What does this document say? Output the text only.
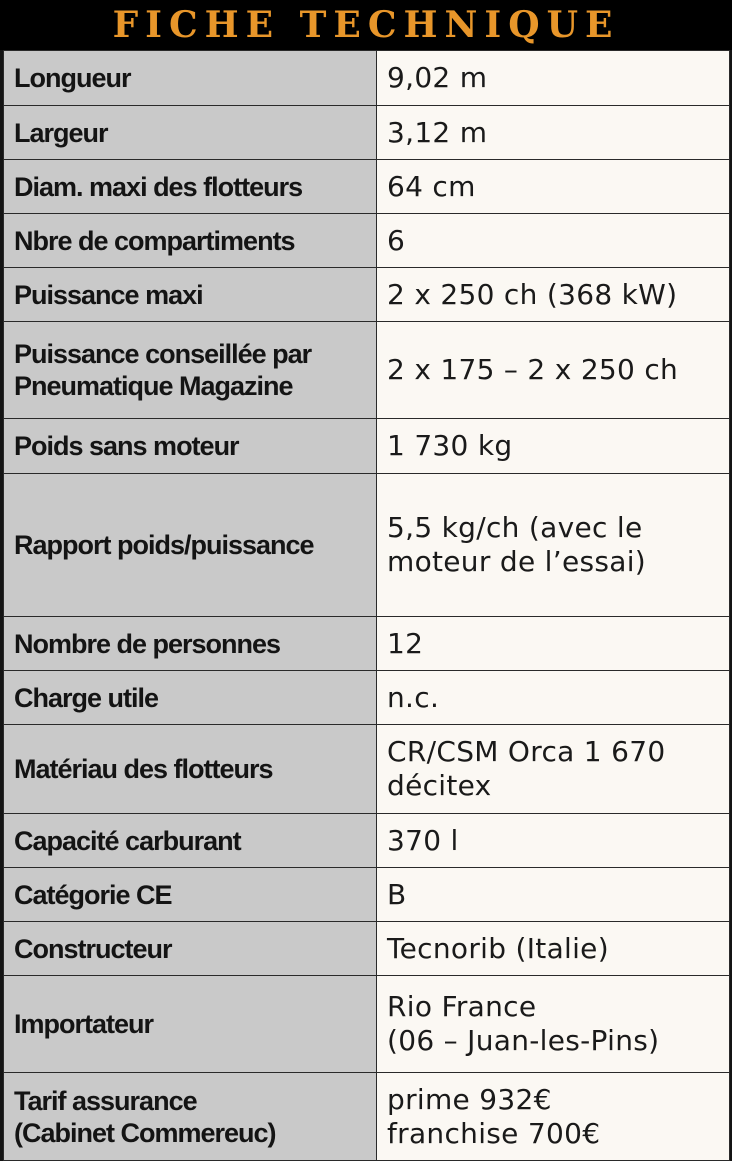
FICHE TECHNIQUE
Longueur	9,02 m

Largeur	3,12 m

Diam. maxi des flotteurs	64 cm

Nbre de compartiments	6

Puissance maxi	2 x 250 ch (368 kW)

Puissance conseillée par
Pneumatique Magazine	2 x 175 – 2 x 250 ch

Poids sans moteur	1 730 kg

Rapport poids/puissance	5,5 kg/ch (avec le
moteur de l’essai)

Nombre de personnes	12

Charge utile	n.c.

Matériau des flotteurs	CR/CSM Orca 1 670
décitex

Capacité carburant	370 l

Catégorie CE	B

Constructeur	Tecnorib (Italie)

Importateur	Rio France
(06 – Juan-les-Pins)

Tarif assurance
(Cabinet Commereuc)	prime 932€
franchise 700€
